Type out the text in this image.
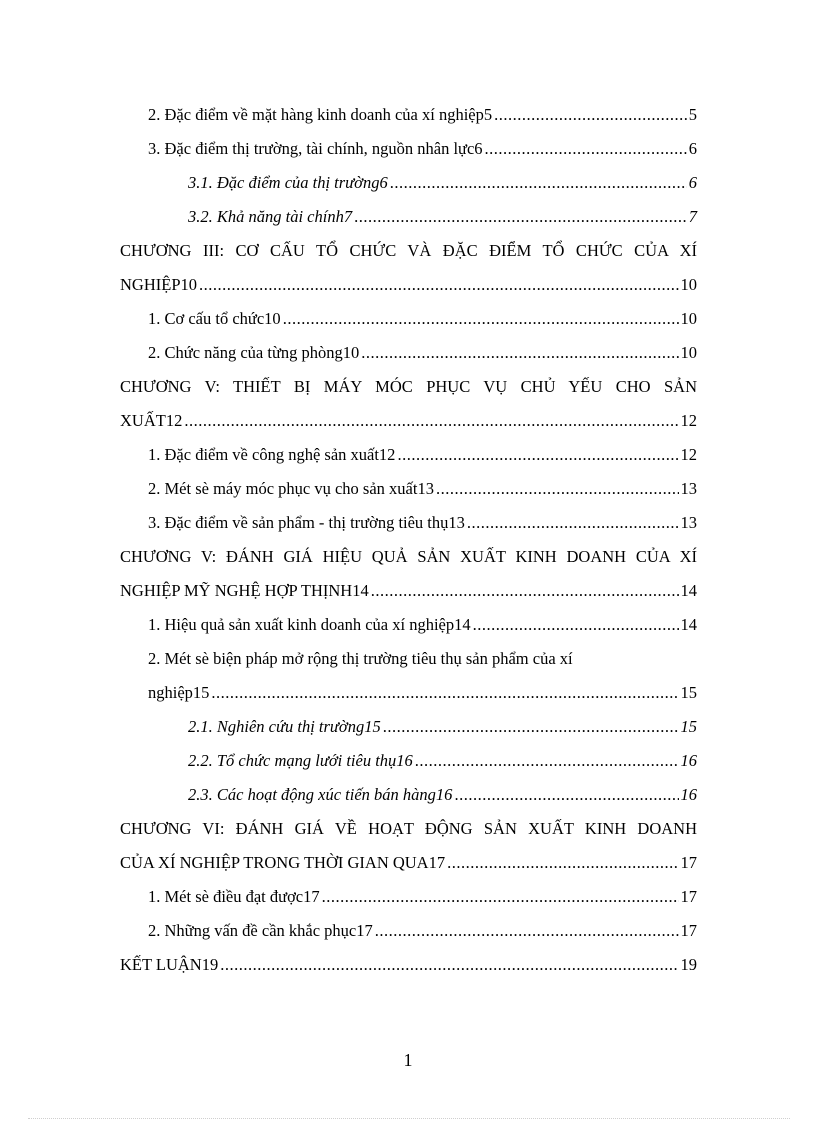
2. Đặc điểm về mặt hàng kinh doanh của xí nghiệp5 .....	5
3. Đặc điểm thị trường, tài chính, nguồn nhân lực6 .....	6
3.1. Đặc điểm của thị trường6 .....	6
3.2. Khả năng tài chính7 .....	7
CHƯƠNG III: CƠ CẤU TỔ CHỨC VÀ ĐẶC ĐIỂM TỔ CHỨC CỦA XÍ
NGHIỆP10 .....	10
1. Cơ cấu tổ chức10 .....	10
2. Chức năng của từng phòng10 .....	10
CHƯƠNG V: THIẾT BỊ MÁY MÓC PHỤC VỤ CHỦ YẾU CHO SẢN
XUẤT12 .....	12
1. Đặc điểm về công nghệ sản xuất12 .....	12
2. Mét sè máy móc phục vụ cho sản xuất13 .....	13
3. Đặc điểm về sản phẩm - thị trường tiêu thụ13 .....	13
CHƯƠNG V: ĐÁNH GIÁ HIỆU QUẢ SẢN XUẤT KINH DOANH CỦA XÍ
NGHIỆP MỸ NGHỆ HỢP THỊNH14 .....	14
1. Hiệu quả sản xuất kinh doanh của xí nghiệp14 .....	14
2. Mét sè biện pháp mở rộng thị trường tiêu thụ sản phẩm của xí
nghiệp15 .....	15
2.1. Nghiên cứu thị trường15 .....	15
2.2. Tổ chức mạng lưới tiêu thụ16 .....	16
2.3. Các hoạt động xúc tiến bán hàng16 .....	16
CHƯƠNG VI: ĐÁNH GIÁ VỀ HOẠT ĐỘNG SẢN XUẤT KINH DOANH
CỦA XÍ NGHIỆP TRONG THỜI GIAN QUA17 .....	17
1. Mét sè điều đạt được17 .....	17
2. Những vấn đề cần khắc phục17 .....	17
KẾT LUẬN19 .....	19
1
